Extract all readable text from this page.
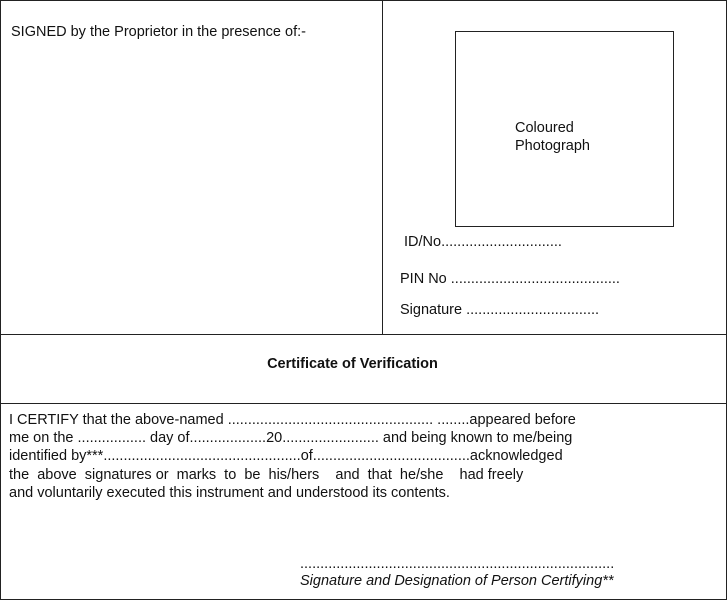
SIGNED by the Proprietor in the presence of:-
Coloured
Photograph
ID/No..............................
PIN No ..........................................
Signature .................................
Certificate of Verification
I CERTIFY that the above-named ................................................... ........appeared before
me on the ................. day of...................20........................ and being known to me/being
identified by***.................................................of.......................................acknowledged
the  above  signatures or  marks  to  be  his/hers    and  that  he/she    had freely
and voluntarily executed this instrument and understood its contents.
..............................................................................
Signature and Designation of Person Certifying**
